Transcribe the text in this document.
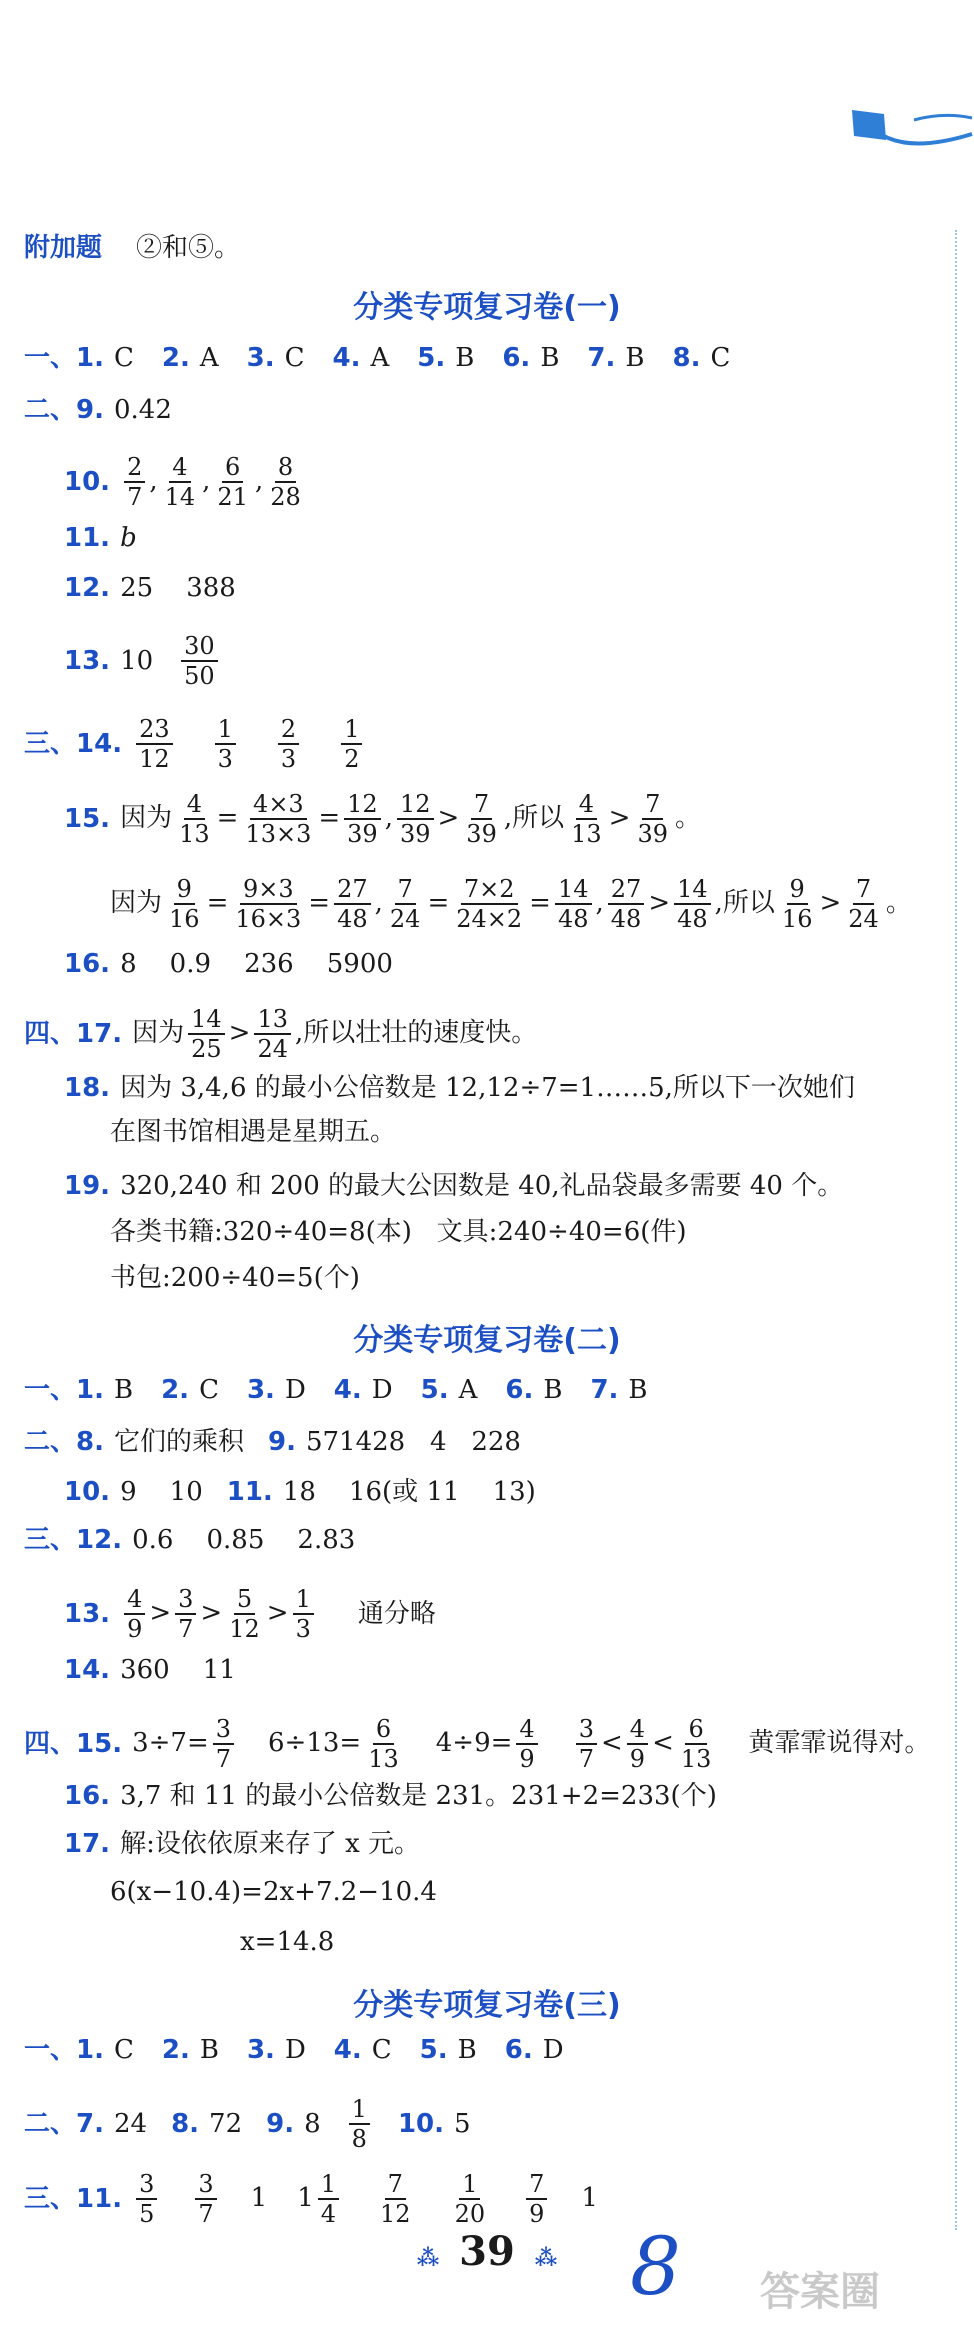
附加题 ②和⑤。
分类专项复习卷(一)
一、 1. C 2. A 3. C 4. A 5. B 6. B 7. B 8. C
二、 9. 0.42
10. $\frac{2}{7}$ , $\frac{4}{14}$ , $\frac{6}{21}$ , $\frac{8}{28}$
11. b
12. 25    388
13. $10 \frac{30}{50}$
三、 14. $\frac{23}{12} \frac{1}{3} \frac{2}{3} \frac{1}{2}$
15. 因为 $\frac{4}{13} = \frac{4\times 3}{13\times 3} = \frac{12}{39}$ , $\frac{12}{39} > \frac{7}{39}$ ,所以 $\frac{4}{13} > \frac{7}{39}$ 。
因为 $\frac{9}{16} = \frac{9\times 3}{16\times 3} = \frac{27}{48}$ , $\frac{7}{24} = \frac{7\times 2}{24\times 2} = \frac{14}{48}$ , $\frac{27}{48} > \frac{14}{48}$ ,所以 $\frac{9}{16} > \frac{7}{24}$ 。
16. 8    0.9    236    5900
四、 17. 因为 $\frac{14}{25} > \frac{13}{24}$ ,所以壮壮的速度快。
18. 因为 3,4,6 的最小公倍数是 12,12÷7=1……5,所以下一次她们
在图书馆相遇是星期五。
19. 320,240 和 200 的最大公因数是 40,礼品袋最多需要 40 个。
各类书籍:320÷40=8(本)   文具:240÷40=6(件)
书包:200÷40=5(个)
分类专项复习卷(二)
一、 1. B 2. C 3. D 4. D 5. A 6. B 7. B
二、 8. 它们的乘积 9. 571428   4   228
10. 9    10 11. 18    16(或 11    13)
三、 12. 0.6    0.85    2.83
13. $\frac{4}{9} > \frac{3}{7} > \frac{5}{12} > \frac{1}{3}$ 通分略
14. 360    11
四、 15. $3\div 7= \frac{3}{7} 6\div 13= \frac{6}{13} 4\div 9= \frac{4}{9} \frac{3}{7} < \frac{4}{9} < \frac{6}{13}$ 黄霏霏说得对。
16. 3,7 和 11 的最小公倍数是 231。231+2=233(个)
17. 解:设依依原来存了 x 元。
6(x−10.4)=2x+7.2−10.4
x=14.8
分类专项复习卷(三)
一、 1. C 2. B 3. D 4. C 5. B 6. D
二、 7. 24 8. 72 9. $8 \frac{1}{8} 10$. 5
三、 11. $\frac{3}{5} \frac{3}{7} 1$ $1 \frac{1}{4} \frac{7}{12} \frac{1}{20} \frac{7}{9} 1$
⁂ 39 ⁂ 8 答案圈
